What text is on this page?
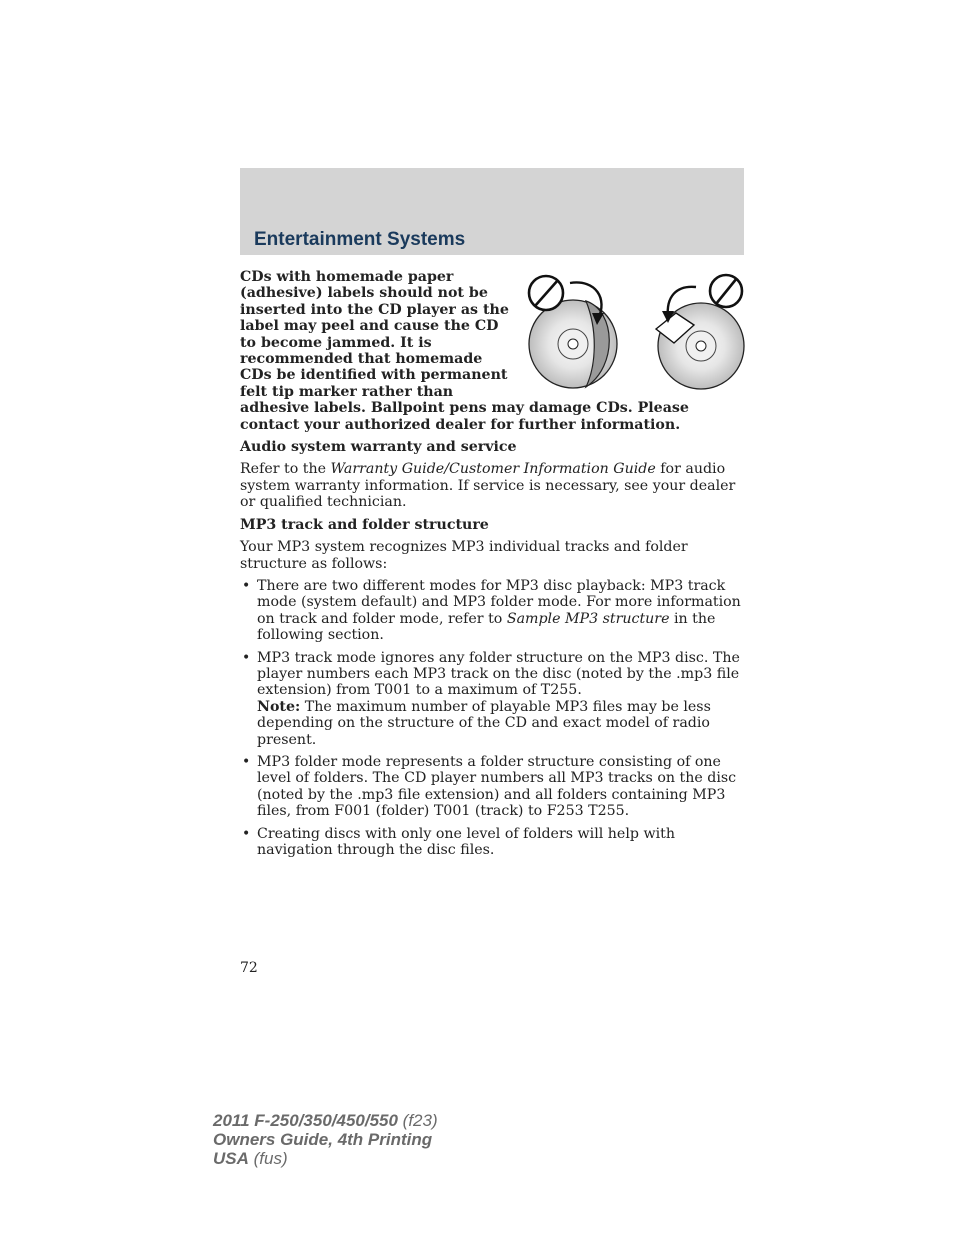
Entertainment Systems
CDs with homemade paper (adhesive) labels should not be inserted into the CD player as the label may peel and cause the CD to become jammed. It is recommended that homemade CDs be identified with permanent felt tip marker rather than adhesive labels. Ballpoint pens may damage CDs. Please contact your authorized dealer for further information.
Audio system warranty and service

Refer to the Warranty Guide/Customer Information Guide for audio system warranty information. If service is necessary, see your dealer or qualified technician.

MP3 track and folder structure

Your MP3 system recognizes MP3 individual tracks and folder structure as follows:

• There are two different modes for MP3 disc playback: MP3 track mode (system default) and MP3 folder mode. For more information on track and folder mode, refer to Sample MP3 structure in the following section.
• MP3 track mode ignores any folder structure on the MP3 disc. The player numbers each MP3 track on the disc (noted by the .mp3 file extension) from T001 to a maximum of T255.
Note: The maximum number of playable MP3 files may be less depending on the structure of the CD and exact model of radio present.
• MP3 folder mode represents a folder structure consisting of one level of folders. The CD player numbers all MP3 tracks on the disc (noted by the .mp3 file extension) and all folders containing MP3 files, from F001 (folder) T001 (track) to F253 T255.
• Creating discs with only one level of folders will help with navigation through the disc files.
72
2011 F-250/350/450/550 (f23)
Owners Guide, 4th Printing
USA (fus)
